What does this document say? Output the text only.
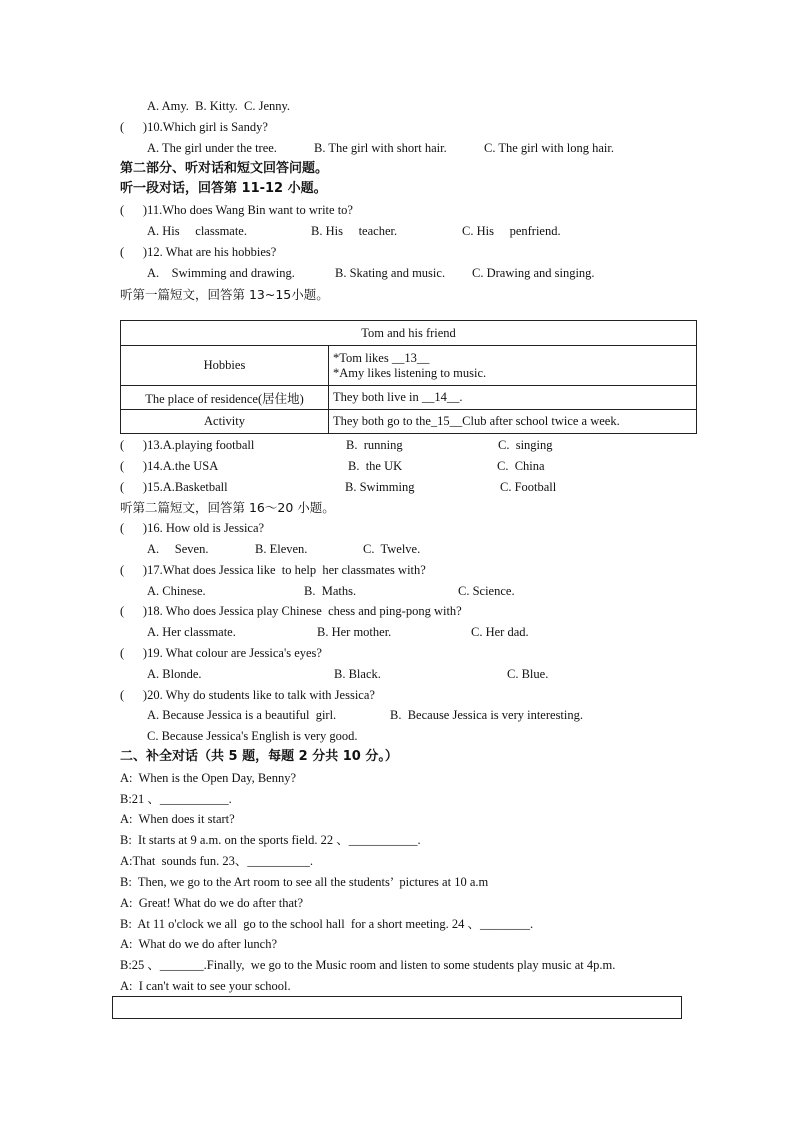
A. Amy.  B. Kitty.  C. Jenny.
(      )10.Which girl is Sandy?
A. The girl under the tree.	B. The girl with short hair.	C. The girl with long hair.
第二部分、听对话和短文回答问题。
听一段对话，回答第 11-12 小题。
(      )11.Who does Wang Bin want to write to?
A. His     classmate.	B. His     teacher.	C. His     penfriend.
(      )12. What are his hobbies?
A.    Swimming and drawing.	B. Skating and music. C. Drawing and singing.
听第一篇短文，回答第 13~15小题。
Tom and his friend	
Hobbies	*Tom likes __13__
*Amy likes listening to music.

The place of residence(居住地)	They both live in __14__.
Activity	They both go to the_15__Club after school twice a week.
(      )13.A.playing football	B.  running	C.  singing
(      )14.A.the USA	B.  the UK	C.  China
(      )15.A.Basketball	B. Swimming	C. Football
听第二篇短文，回答第 16～20 小题。
(      )16. How old is Jessica?
A.     Seven.	B. Eleven.	C.  Twelve.
(      )17.What does Jessica like  to help  her classmates with?
A. Chinese.	B.  Maths.	C. Science.
(      )18. Who does Jessica play Chinese  chess and ping-pong with?
A. Her classmate.	B. Her mother.	C. Her dad.
(      )19. What colour are Jessica's eyes?
A. Blonde.	B. Black.	C. Blue.
(      )20. Why do students like to talk with Jessica?
A. Because Jessica is a beautiful  girl.	B.  Because Jessica is very interesting.
C. Because Jessica's English is very good.
二、补全对话（共 5 题，每题 2 分共 10 分。）
A:  When is the Open Day, Benny?
B:21 、___________.
A:  When does it start?
B:  It starts at 9 a.m. on the sports field. 22 、___________.
A:That  sounds fun. 23、__________.
B:  Then, we go to the Art room to see all the students’  pictures at 10 a.m
A:  Great! What do we do after that?
B:  At 11 o'clock we all  go to the school hall  for a short meeting. 24 、________.
A:  What do we do after lunch?
B:25 、_______.Finally,  we go to the Music room and listen to some students play music at 4p.m.
A:  I can't wait to see your school.
